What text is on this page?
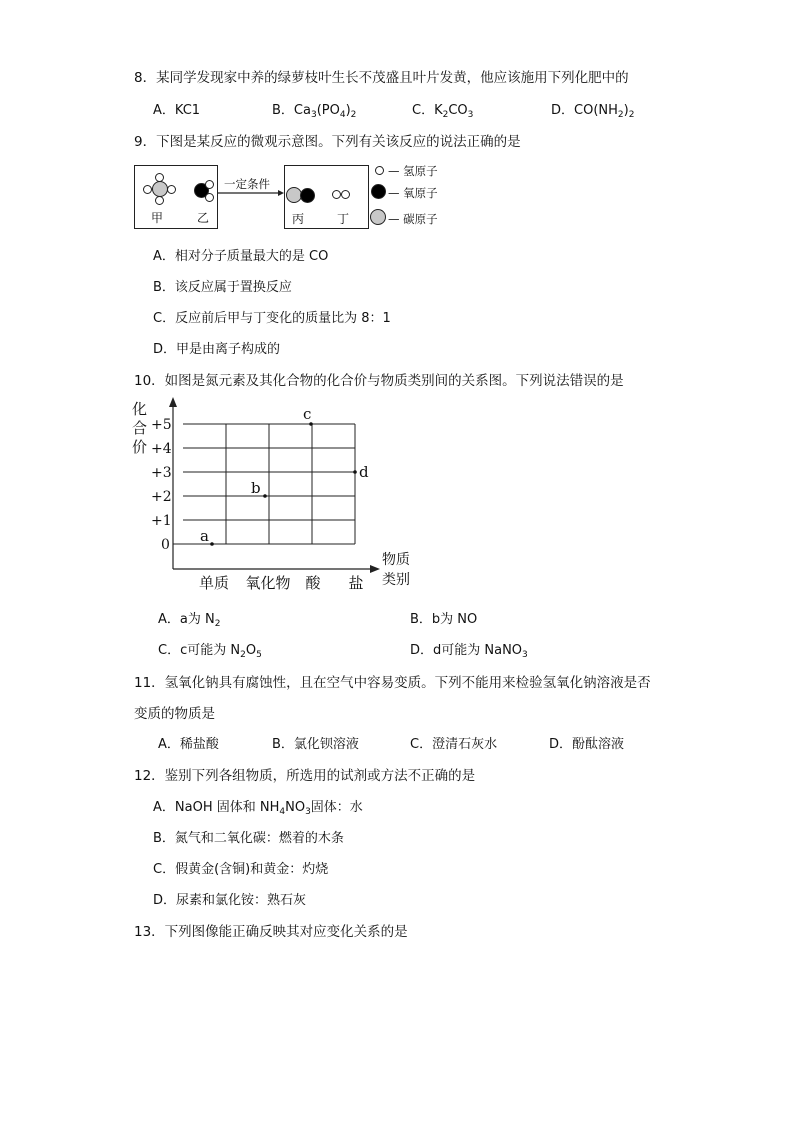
8．某同学发现家中养的绿萝枝叶生长不茂盛且叶片发黄，他应该施用下列化肥中的
A．KC1	B．$Ca_3(PO_4)_2$	C．$K_2CO_3$	D．$CO(NH_2)_2$
9．下图是某反应的微观示意图。下列有关该反应的说法正确的是
甲	乙
一定条件
丙	丁
— 氢原子
— 氧原子
— 碳原子
A．相对分子质量最大的是 CO
B．该反应属于置换反应
C．反应前后甲与丁变化的质量比为 8：1
D．甲是由离子构成的
10．如图是氮元素及其化合物的化合价与物质类别间的关系图。下列说法错误的是
化
合
价
物质
类别
0
+1
+2
+3
+4
+5
单质 氧化物 酸 盐
a
b
c
d
A．a为 $N_2$	B．b为 NO
C．c可能为 $N_2O_5$	D．d可能为 NaNO$_3$
11．氢氧化钠具有腐蚀性，且在空气中容易变质。下列不能用来检验氢氧化钠溶液是否
变质的物质是
A．稀盐酸	B．氯化钡溶液	C．澄清石灰水	D．酚酞溶液
12．鉴别下列各组物质，所选用的试剂或方法不正确的是
A．NaOH 固体和 $NH_4NO_3$固体：水
B．氮气和二氧化碳：燃着的木条
C．假黄金(含铜)和黄金：灼烧
D．尿素和氯化铵：熟石灰
13．下列图像能正确反映其对应变化关系的是
